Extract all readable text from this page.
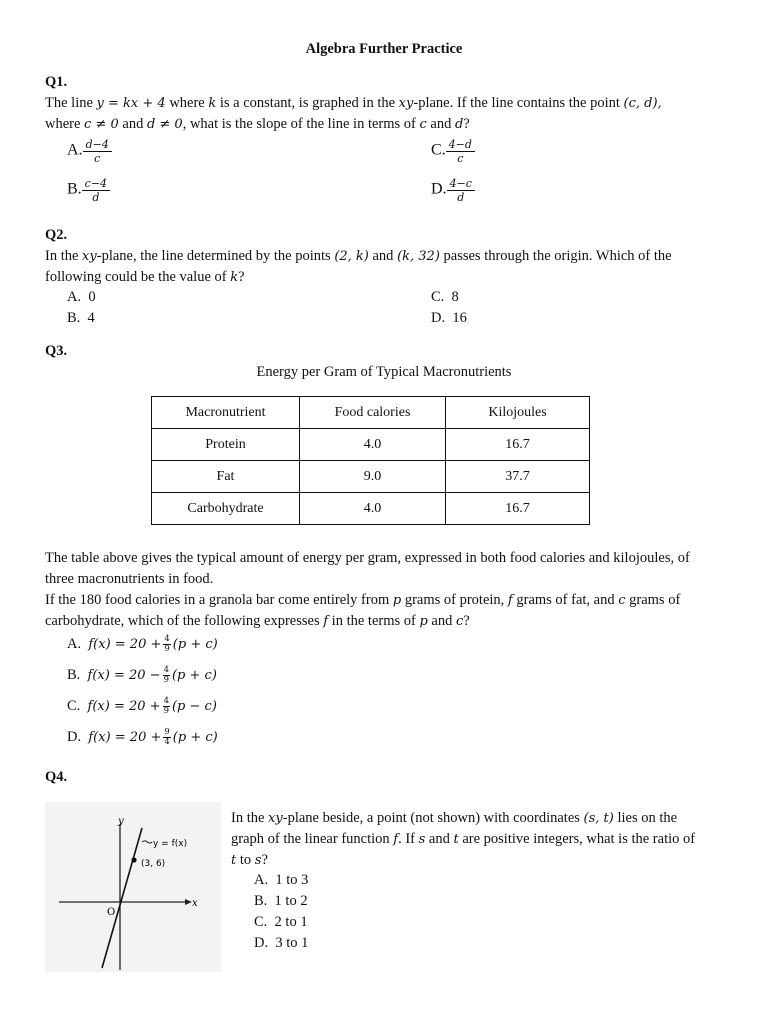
Algebra Further Practice
Q1.
The line y = kx + 4 where k is a constant, is graphed in the xy-plane. If the line contains the point (c, d),
where c ≠ 0 and d ≠ 0, what is the slope of the line in terms of c and d?
A. $\frac{d-4}{c}$
B. $\frac{c-4}{d}$
C. $\frac{4-d}{c}$
D. $\frac{4-c}{d}$
Q2.
In the xy-plane, the line determined by the points (2, k) and (k, 32) passes through the origin. Which of the
following could be the value of k?
A. 0
B. 4
C. 8
D. 16
Q3.
Energy per Gram of Typical Macronutrients
Macronutrient	Food calories	Kilojoules
Protein	4.0	16.7
Fat	9.0	37.7
Carbohydrate	4.0	16.7
The table above gives the typical amount of energy per gram, expressed in both food calories and kilojoules, of
three macronutrients in food.
If the 180 food calories in a granola bar come entirely from p grams of protein, f grams of fat, and c grams of
carbohydrate, which of the following expresses f in the terms of p and c?
A. $f(x) = 20 + \frac{4}{9} (p + c)$
B. $f(x) = 20 - \frac{4}{9} (p + c)$
C. $f(x) = 20 + \frac{4}{9} (p - c)$
D. $f(x) = 20 + \frac{9}{4} (p + c)$
Q4.
y
x
O
y = f(x)
(3, 6)
In the xy-plane beside, a point (not shown) with coordinates (s, t) lies on the
graph of the linear function f. If s and t are positive integers, what is the ratio of
t to s?
A. 1 to 3
B. 1 to 2
C. 2 to 1
D. 3 to 1
